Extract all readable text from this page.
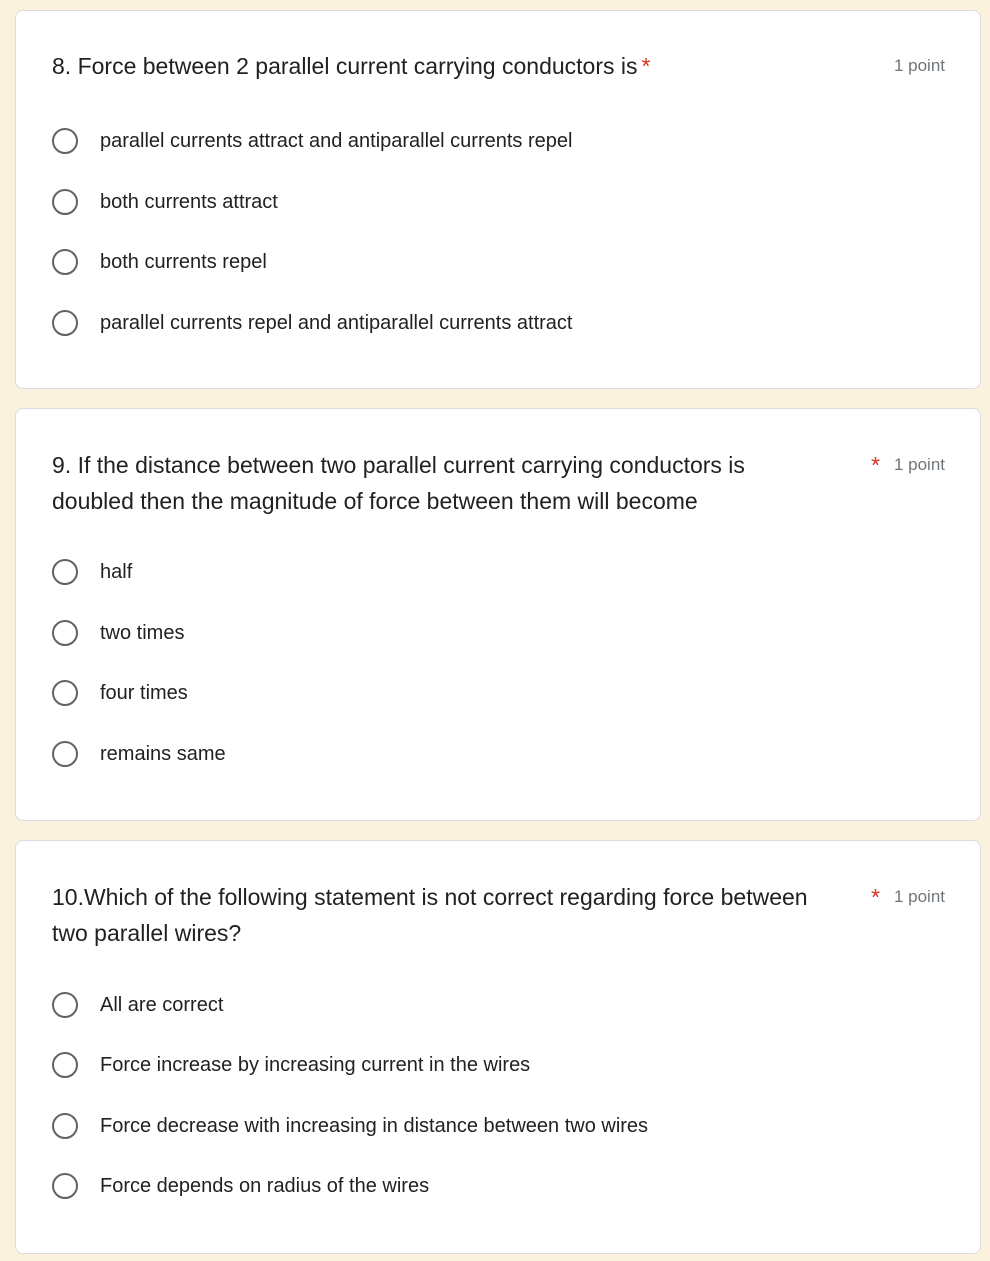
8. Force between 2 parallel current carrying conductors is *	1 point
parallel currents attract and antiparallel currents repel
both currents attract
both currents repel
parallel currents repel and antiparallel currents attract
9. If the distance between two parallel current carrying conductors is
doubled then the magnitude of force between them will become
* 1 point
half
two times
four times
remains same
10.Which of the following statement is not correct regarding force between
two parallel wires?
* 1 point
All are correct
Force increase by increasing current in the wires
Force decrease with increasing in distance between two wires
Force depends on radius of the wires
